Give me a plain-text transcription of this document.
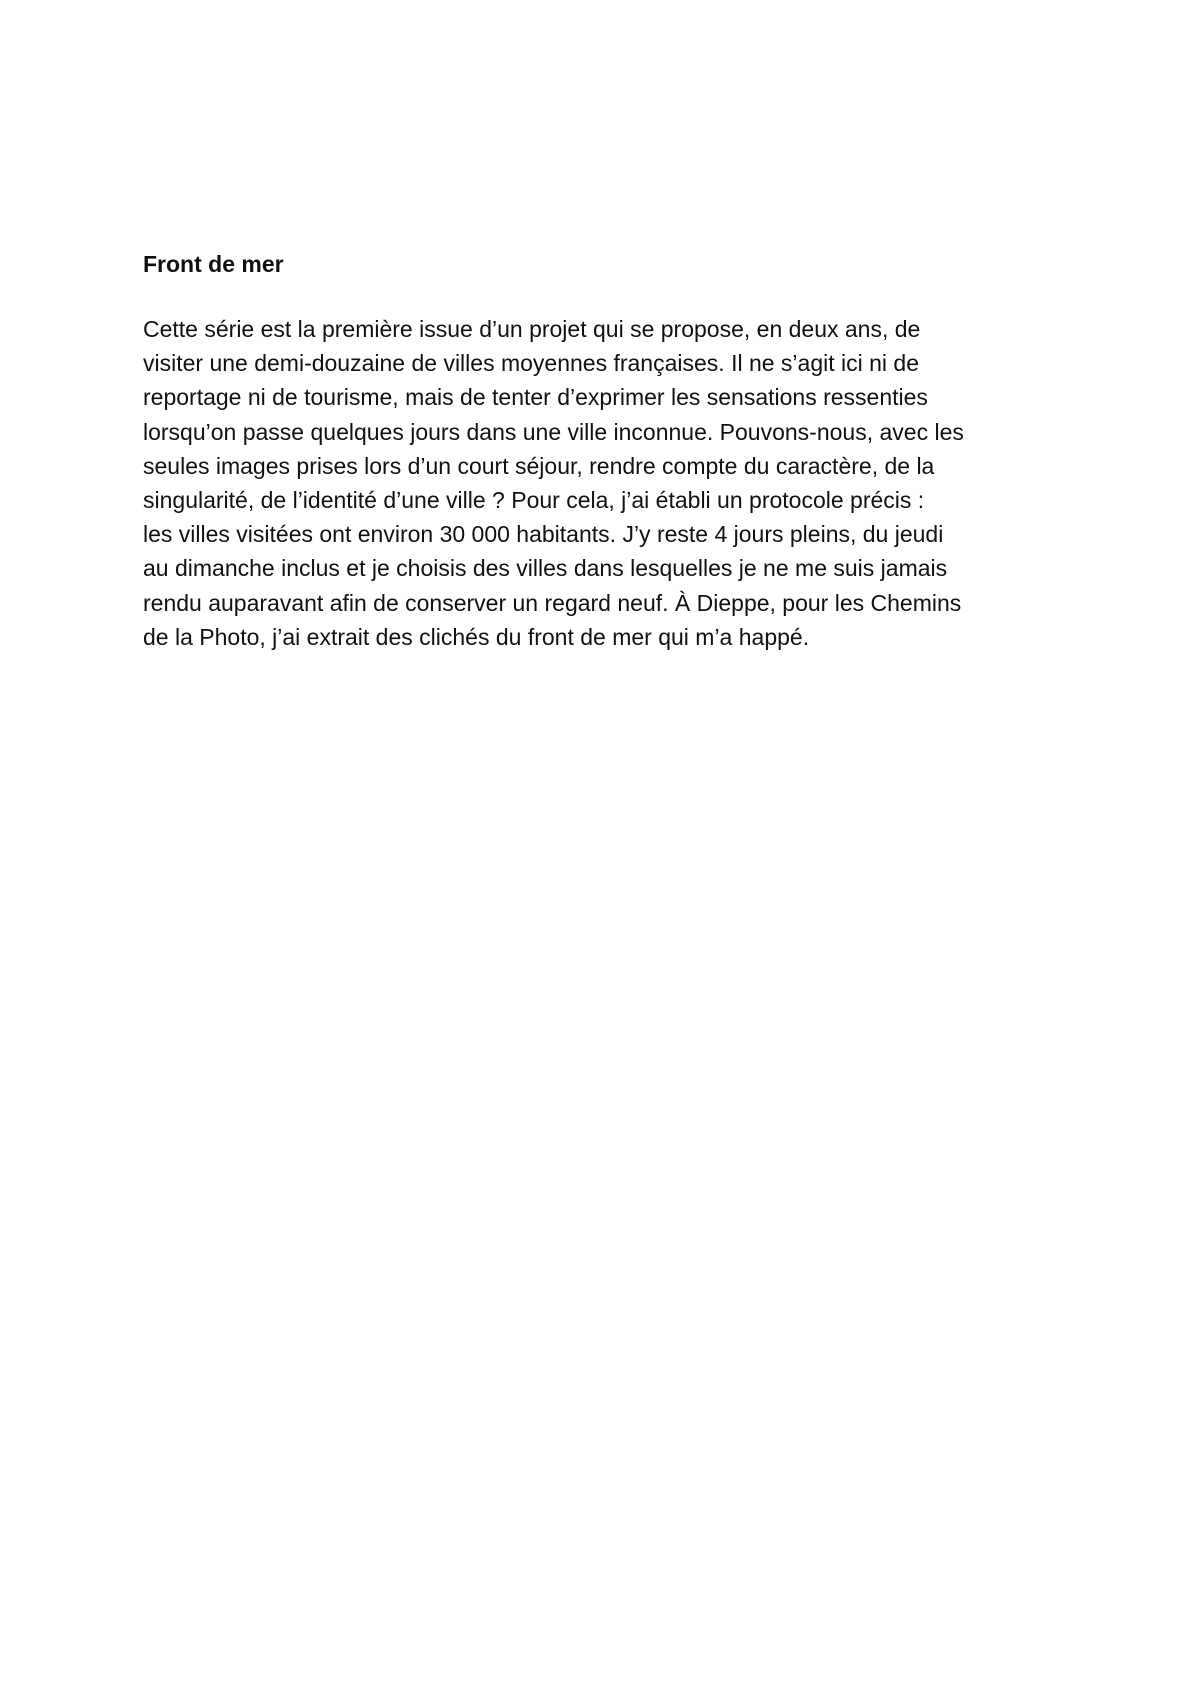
Front de mer

Cette série est la première issue d’un projet qui se propose, en deux ans, de
visiter une demi-douzaine de villes moyennes françaises. Il ne s’agit ici ni de
reportage ni de tourisme, mais de tenter d’exprimer les sensations ressenties
lorsqu’on passe quelques jours dans une ville inconnue. Pouvons-nous, avec les
seules images prises lors d’un court séjour, rendre compte du caractère, de la
singularité, de l’identité d’une ville ? Pour cela, j’ai établi un protocole précis :
les villes visitées ont environ 30 000 habitants. J’y reste 4 jours pleins, du jeudi
au dimanche inclus et je choisis des villes dans lesquelles je ne me suis jamais
rendu auparavant afin de conserver un regard neuf. À Dieppe, pour les Chemins
de la Photo, j’ai extrait des clichés du front de mer qui m’a happé.
